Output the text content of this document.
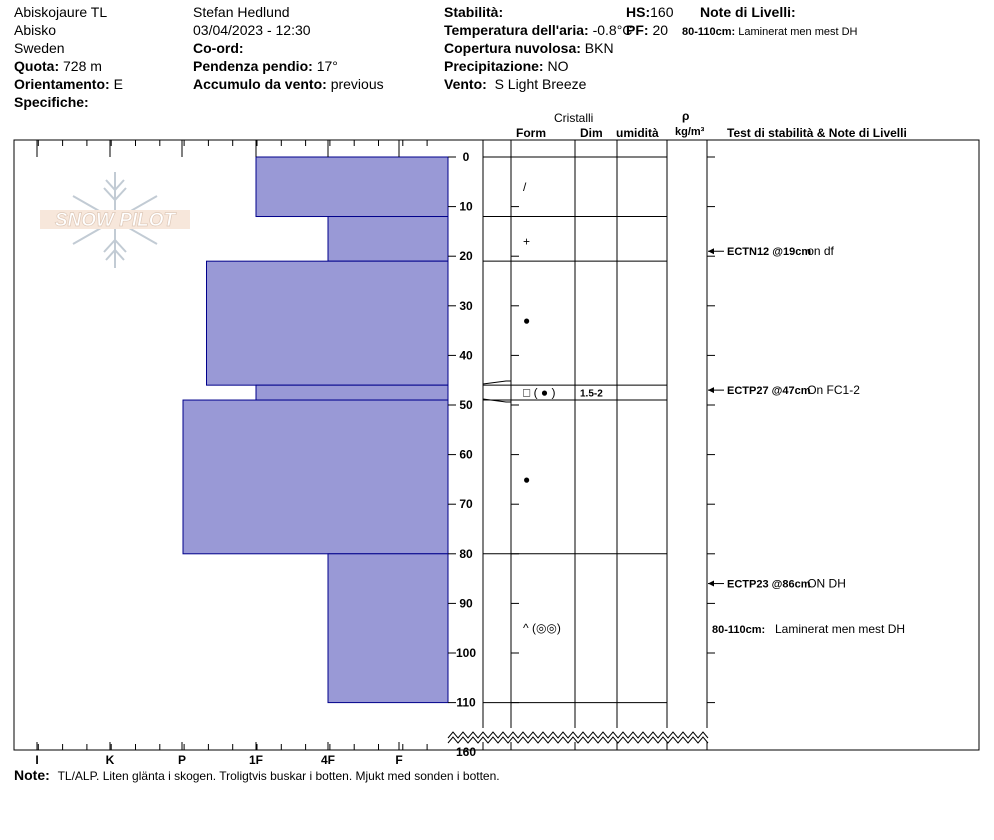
Abiskojaure TL
Abisko
Sweden
Quota: 728 m
Orientamento: E
Specifiche:
Stefan Hedlund
03/04/2023 - 12:30
Co-ord:
Pendenza pendio: 17°
Accumulo da vento: previous
Stabilità:
Temperatura dell'aria: -0.8°C
Copertura nuvolosa: BKN
Precipitazione: NO
Vento: S Light Breeze
HS:160
PF: 20
Note di Livelli:
80-110cm: Laminerat men mest DH
Cristalli
Form	Dim umidità
ρ
kg/m³ Test di stabilità & Note di Livelli
SNOW PILOT
0
10
20
30
40
50
60
70
80
90
100
110
160
I	K	P	1F	4F	F
/
+
●
□ ( ● ) 1.5-2
●
^ (◎◎)
ECTN12 @19cm
on df
ECTP27 @47cm
On FC1-2
ECTP23 @86cm
ON DH
80-110cm: Laminerat men mest DH
Note: TL/ALP. Liten glänta i skogen. Troligtvis buskar i botten. Mjukt med sonden i botten.
